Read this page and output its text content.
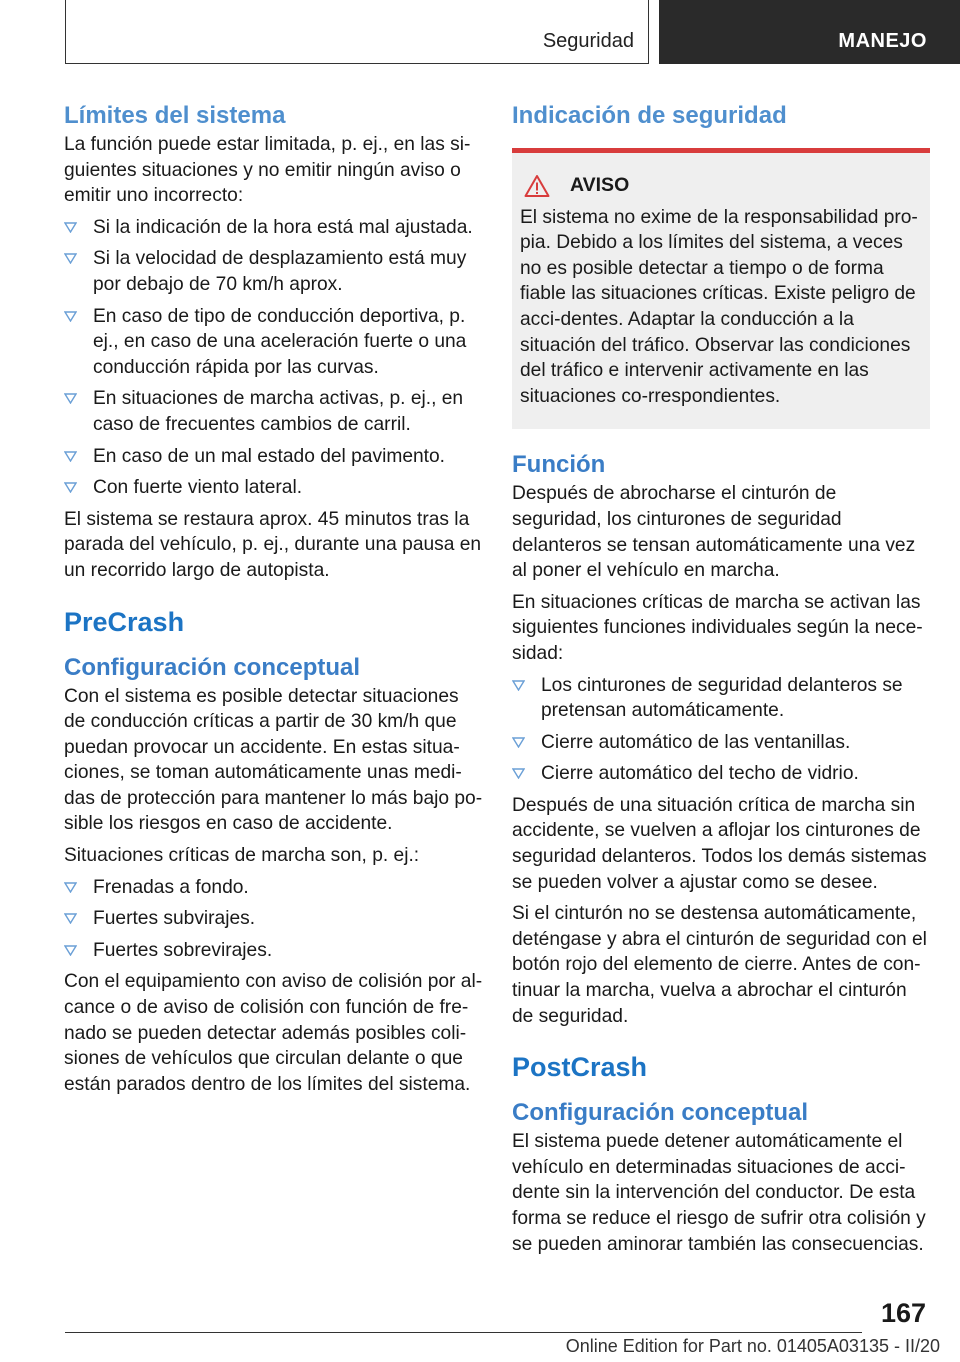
Seguridad	MANEJO
Límites del sistema

La función puede estar limitada, p. ej., en las si-guientes situaciones y no emitir ningún aviso o emitir uno incorrecto:

Si la indicación de la hora está mal ajustada.
Si la velocidad de desplazamiento está muy por debajo de 70 km/h aprox.
En caso de tipo de conducción deportiva, p. ej., en caso de una aceleración fuerte o una conducción rápida por las curvas.
En situaciones de marcha activas, p. ej., en caso de frecuentes cambios de carril.
En caso de un mal estado del pavimento.
Con fuerte viento lateral.

El sistema se restaura aprox. 45 minutos tras la parada del vehículo, p. ej., durante una pausa en un recorrido largo de autopista.

PreCrash
Configuración conceptual

Con el sistema es posible detectar situaciones de conducción críticas a partir de 30 km/h que puedan provocar un accidente. En estas situa-ciones, se toman automáticamente unas medi-das de protección para mantener lo más bajo po-sible los riesgos en caso de accidente.

Situaciones críticas de marcha son, p. ej.:

Frenadas a fondo.
Fuertes subvirajes.
Fuertes sobrevirajes.

Con el equipamiento con aviso de colisión por al-cance o de aviso de colisión con función de fre-nado se pueden detectar además posibles coli-siones de vehículos que circulan delante o que están parados dentro de los límites del sistema.

Indicación de seguridad
AVISO

El sistema no exime de la responsabilidad pro-pia. Debido a los límites del sistema, a veces no es posible detectar a tiempo o de forma fiable las situaciones críticas. Existe peligro de acci-dentes. Adaptar la conducción a la situación del tráfico. Observar las condiciones del tráfico e intervenir activamente en las situaciones co-rrespondientes.

Función

Después de abrocharse el cinturón de seguridad, los cinturones de seguridad delanteros se tensan automáticamente una vez al poner el vehículo en marcha.

En situaciones críticas de marcha se activan las siguientes funciones individuales según la nece-sidad:

Los cinturones de seguridad delanteros se pretensan automáticamente.
Cierre automático de las ventanillas.
Cierre automático del techo de vidrio.

Después de una situación crítica de marcha sin accidente, se vuelven a aflojar los cinturones de seguridad delanteros. Todos los demás sistemas se pueden volver a ajustar como se desee.

Si el cinturón no se destensa automáticamente, deténgase y abra el cinturón de seguridad con el botón rojo del elemento de cierre. Antes de con-tinuar la marcha, vuelva a abrochar el cinturón de seguridad.

PostCrash
Configuración conceptual

El sistema puede detener automáticamente el vehículo en determinadas situaciones de acci-dente sin la intervención del conductor. De esta forma se reduce el riesgo de sufrir otra colisión y se pueden aminorar también las consecuencias.

167
Online Edition for Part no. 01405A03135 - II/20
